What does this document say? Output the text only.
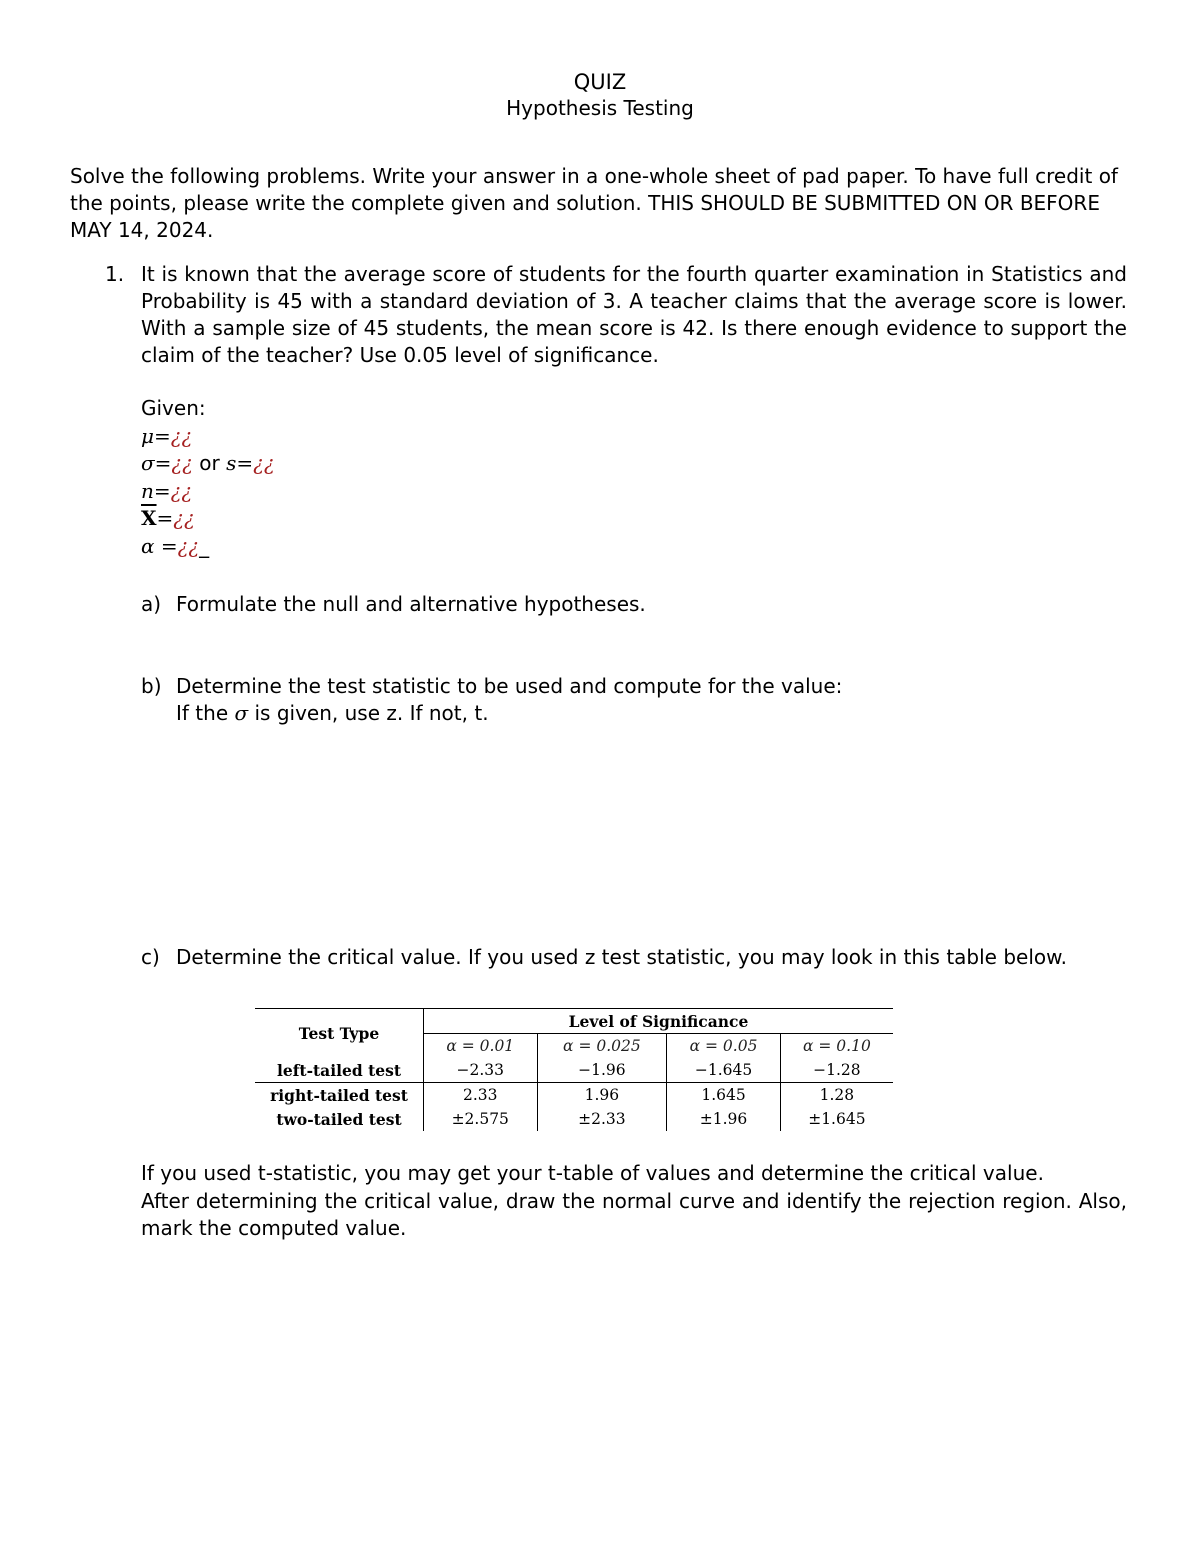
QUIZ
Hypothesis Testing
Solve the following problems. Write your answer in a one-whole sheet of pad paper. To have full credit of the points, please write the complete given and solution. THIS SHOULD BE SUBMITTED ON OR BEFORE MAY 14, 2024.
1. It is known that the average score of students for the fourth quarter examination in Statistics and Probability is 45 with a standard deviation of 3. A teacher claims that the average score is lower. With a sample size of 45 students, the mean score is 42. Is there enough evidence to support the claim of the teacher? Use 0.05 level of significance.
Given:
μ=¿¿
σ=¿¿ or s=¿¿
n=¿¿
$\overline{X}=¿¿$
α =¿¿_
a) Formulate the null and alternative hypotheses.
b) Determine the test statistic to be used and compute for the value:
If the σ is given, use z. If not, t.
c) Determine the critical value. If you used z test statistic, you may look in this table below.
Test Type	Level of Significance			
	α = 0.01	α = 0.025	α = 0.05	α = 0.10
left-tailed test	−2.33	−1.96	−1.645	−1.28
right-tailed test	2.33	1.96	1.645	1.28
two-tailed test	±2.575	±2.33	±1.96	±1.645
If you used t-statistic, you may get your t-table of values and determine the critical value.
After determining the critical value, draw the normal curve and identify the rejection region. Also, mark the computed value.
